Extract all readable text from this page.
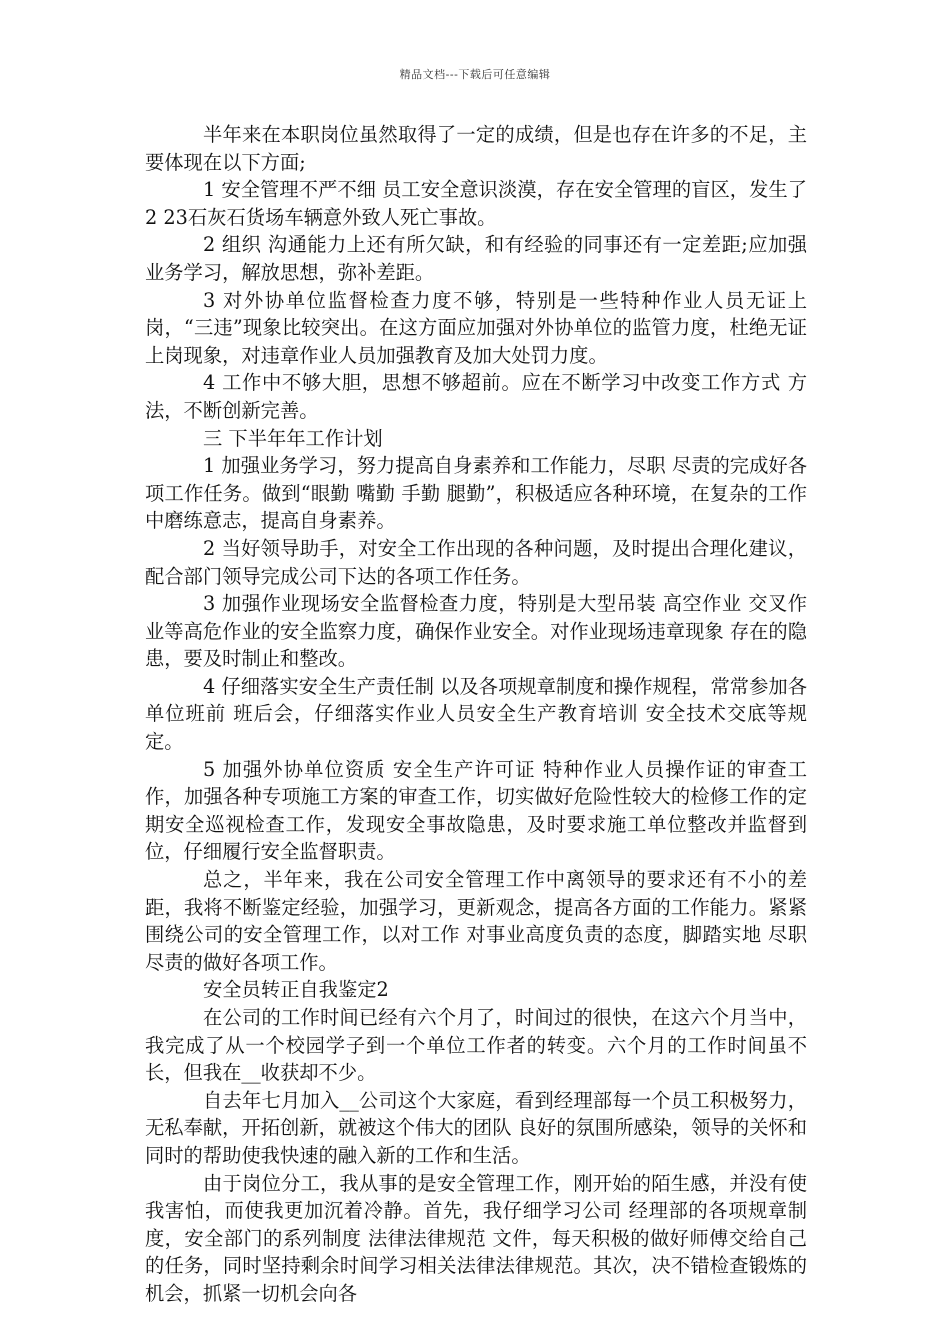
精品文档---下载后可任意编辑

半年来在本职岗位虽然取得了一定的成绩，但是也存在许多的不足，主要体现在以下方面;

1 安全管理不严不细 员工安全意识淡漠，存在安全管理的盲区，发生了2 23石灰石货场车辆意外致人死亡事故。

2 组织 沟通能力上还有所欠缺，和有经验的同事还有一定差距;应加强业务学习，解放思想，弥补差距。

3 对外协单位监督检查力度不够，特别是一些特种作业人员无证上岗，“三违”现象比较突出。在这方面应加强对外协单位的监管力度，杜绝无证上岗现象，对违章作业人员加强教育及加大处罚力度。

4 工作中不够大胆，思想不够超前。应在不断学习中改变工作方式 方法，不断创新完善。

三 下半年年工作计划

1 加强业务学习，努力提高自身素养和工作能力，尽职 尽责的完成好各项工作任务。做到“眼勤 嘴勤 手勤 腿勤”，积极适应各种环境，在复杂的工作中磨练意志，提高自身素养。

2 当好领导助手，对安全工作出现的各种问题，及时提出合理化建议，配合部门领导完成公司下达的各项工作任务。

3 加强作业现场安全监督检查力度，特别是大型吊装 高空作业 交叉作业等高危作业的安全监察力度，确保作业安全。对作业现场违章现象 存在的隐患，要及时制止和整改。

4 仔细落实安全生产责任制 以及各项规章制度和操作规程，常常参加各单位班前 班后会，仔细落实作业人员安全生产教育培训 安全技术交底等规定。

5 加强外协单位资质 安全生产许可证 特种作业人员操作证的审查工作，加强各种专项施工方案的审查工作，切实做好危险性较大的检修工作的定期安全巡视检查工作，发现安全事故隐患，及时要求施工单位整改并监督到位，仔细履行安全监督职责。

总之，半年来，我在公司安全管理工作中离领导的要求还有不小的差距，我将不断鉴定经验，加强学习，更新观念，提高各方面的工作能力。紧紧围绕公司的安全管理工作，以对工作 对事业高度负责的态度，脚踏实地 尽职尽责的做好各项工作。

安全员转正自我鉴定2

在公司的工作时间已经有六个月了，时间过的很快，在这六个月当中，我完成了从一个校园学子到一个单位工作者的转变。六个月的工作时间虽不长，但我在__收获却不少。

自去年七月加入__公司这个大家庭，看到经理部每一个员工积极努力，无私奉献，开拓创新，就被这个伟大的团队 良好的氛围所感染，领导的关怀和同时的帮助使我快速的融入新的工作和生活。

由于岗位分工，我从事的是安全管理工作，刚开始的陌生感，并没有使我害怕，而使我更加沉着冷静。首先，我仔细学习公司 经理部的各项规章制度，安全部门的系列制度 法律法律规范 文件，每天积极的做好师傅交给自己的任务，同时坚持剩余时间学习相关法律法律规范。其次，决不错检查锻炼的机会，抓紧一切机会向各
